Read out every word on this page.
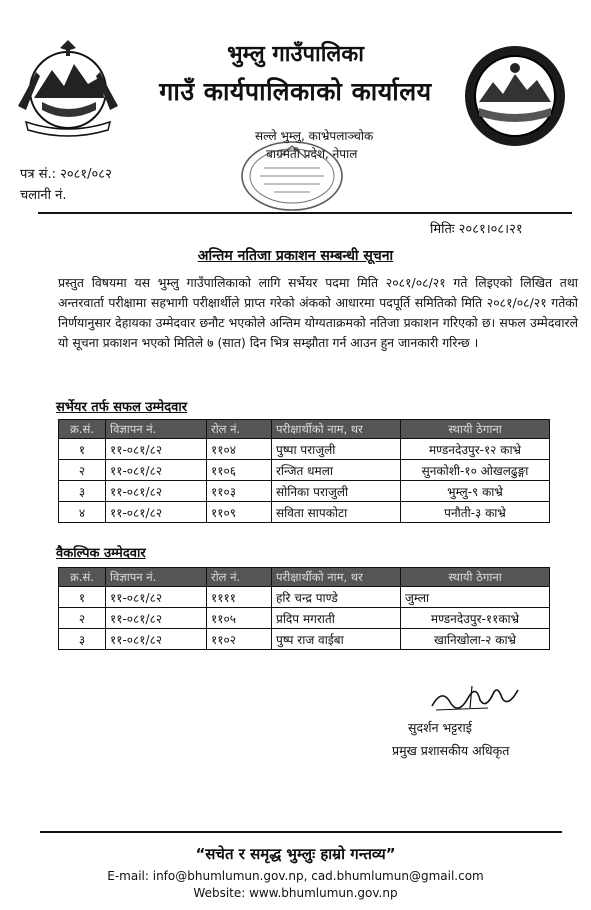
भुम्लु गाउँपालिका
गाउँ कार्यपालिकाको कार्यालय
सल्ले भुम्लु, काभ्रेपलाञ्चोक
बागमती प्रदेश, नेपाल
पत्र सं.: २०८१/०८२
चलानी नं.
मितिः २०८१।०८।२१
अन्तिम नतिजा प्रकाशन सम्बन्धी सूचना
प्रस्तुत विषयमा यस भुम्लु गाउँपालिकाको लागि सर्भेयर पदमा मिति २०८१/०८/२१ गते लिइएको लिखित तथा अन्तरवार्ता परीक्षामा सहभागी परीक्षार्थीले प्राप्त गरेको अंकको आधारमा पदपूर्ति समितिको मिति २०८१/०८/२१ गतेको निर्णयानुसार देहायका उम्मेदवार छनौट भएकोले अन्तिम योग्यताक्रमको नतिजा प्रकाशन गरिएको छ। सफल उम्मेदवारले यो सूचना प्रकाशन भएको मितिले ७ (सात) दिन भित्र सम्झौता गर्न आउन हुन जानकारी गरिन्छ ।
सर्भेयर तर्फ सफल उम्मेदवार
क्र.सं.	विज्ञापन नं.	रोल नं.	परीक्षार्थीको नाम, थर	स्थायी ठेगाना
१	११-०८१/८२	११०४	पुष्पा पराजुली	मण्डनदेउपुर-१२ काभ्रे
२	११-०८१/८२	११०६	रन्जित धमला	सुनकोशी-१० ओखलढुङ्गा
३	११-०८१/८२	११०३	सोनिका पराजुली	भुम्लु-९ काभ्रे
४	११-०८१/८२	११०९	सविता सापकोटा	पनौती-३ काभ्रे
वैकल्पिक उम्मेदवार
क्र.सं.	विज्ञापन नं.	रोल नं.	परीक्षार्थीको नाम, थर	स्थायी ठेगाना
१	११-०८१/८२	११११	हरि चन्द्र पाण्डे	जुम्ला
२	११-०८१/८२	११०५	प्रदिप मगराती	मण्डनदेउपुर-११काभ्रे
३	११-०८१/८२	११०२	पुष्प राज वाईबा	खानिखोला-२ काभ्रे
सुदर्शन भट्टराई
प्रमुख प्रशासकीय अधिकृत
“सचेत र समृद्ध भुम्लुः हाम्रो गन्तव्य”
E-mail: info@bhumlumun.gov.np, cad.bhumlumun@gmail.com
Website: www.bhumlumun.gov.np
